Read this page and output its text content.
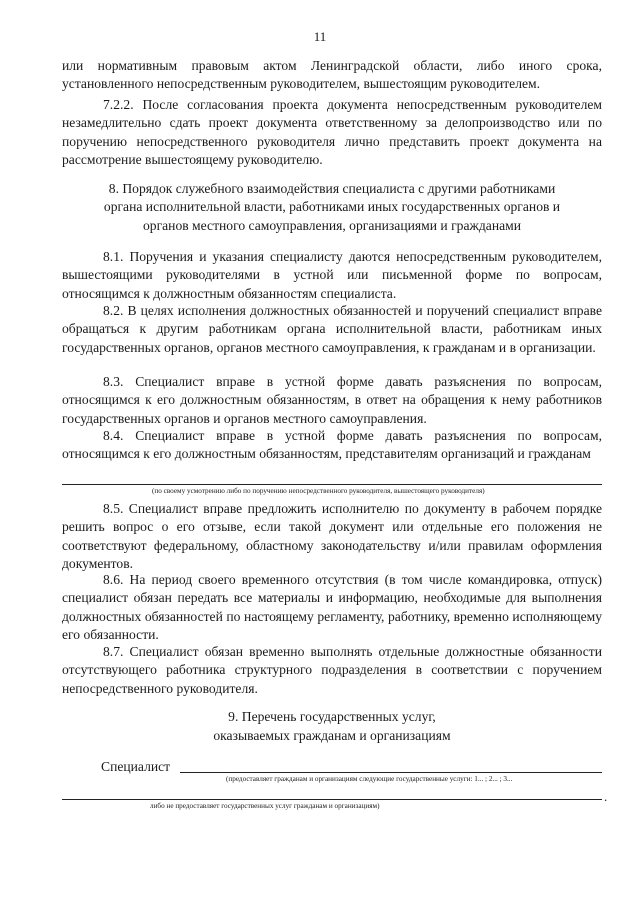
11

или нормативным правовым актом Ленинградской области, либо иного срока, установленного непосредственным руководителем, вышестоящим руководителем.

7.2.2. После согласования проекта документа непосредственным руководителем незамедлительно сдать проект документа ответственному за делопроизводство или по поручению непосредственного руководителя лично представить проект документа на рассмотрение вышестоящему руководителю.

8. Порядок служебного взаимодействия специалиста с другими работниками органа исполнительной власти, работниками иных государственных органов и органов местного самоуправления, организациями и гражданами

8.1. Поручения и указания специалисту даются непосредственным руководителем, вышестоящими руководителями в устной или письменной форме по вопросам, относящимся к должностным обязанностям специалиста.

8.2. В целях исполнения должностных обязанностей и поручений специалист вправе обращаться к другим работникам органа исполнительной власти, работникам иных государственных органов, органов местного самоуправления, к гражданам и в организации.

8.3. Специалист вправе в устной форме давать разъяснения по вопросам, относящимся к его должностным обязанностям, в ответ на обращения к нему работников государственных органов и органов местного самоуправления.

8.4. Специалист вправе в устной форме давать разъяснения по вопросам, относящимся к его должностным обязанностям, представителям организаций и гражданам

(по своему усмотрению либо по поручению непосредственного руководителя, вышестоящего руководителя)

8.5. Специалист вправе предложить исполнителю по документу в рабочем порядке решить вопрос о его отзыве, если такой документ или отдельные его положения не соответствуют федеральному, областному законодательству и/или правилам оформления документов.

8.6. На период своего временного отсутствия (в том числе командировка, отпуск) специалист обязан передать все материалы и информацию, необходимые для выполнения должностных обязанностей по настоящему регламенту, работнику, временно исполняющему его обязанности.

8.7. Специалист обязан временно выполнять отдельные должностные обязанности отсутствующего работника структурного подразделения в соответствии с поручением непосредственного руководителя.

9. Перечень государственных услуг,
оказываемых гражданам и организациям
Специалист
(предоставляет гражданам и организациям следующие государственные услуги: 1... ; 2... ; 3...
.
либо не предоставляет государственных услуг гражданам и организациям)
